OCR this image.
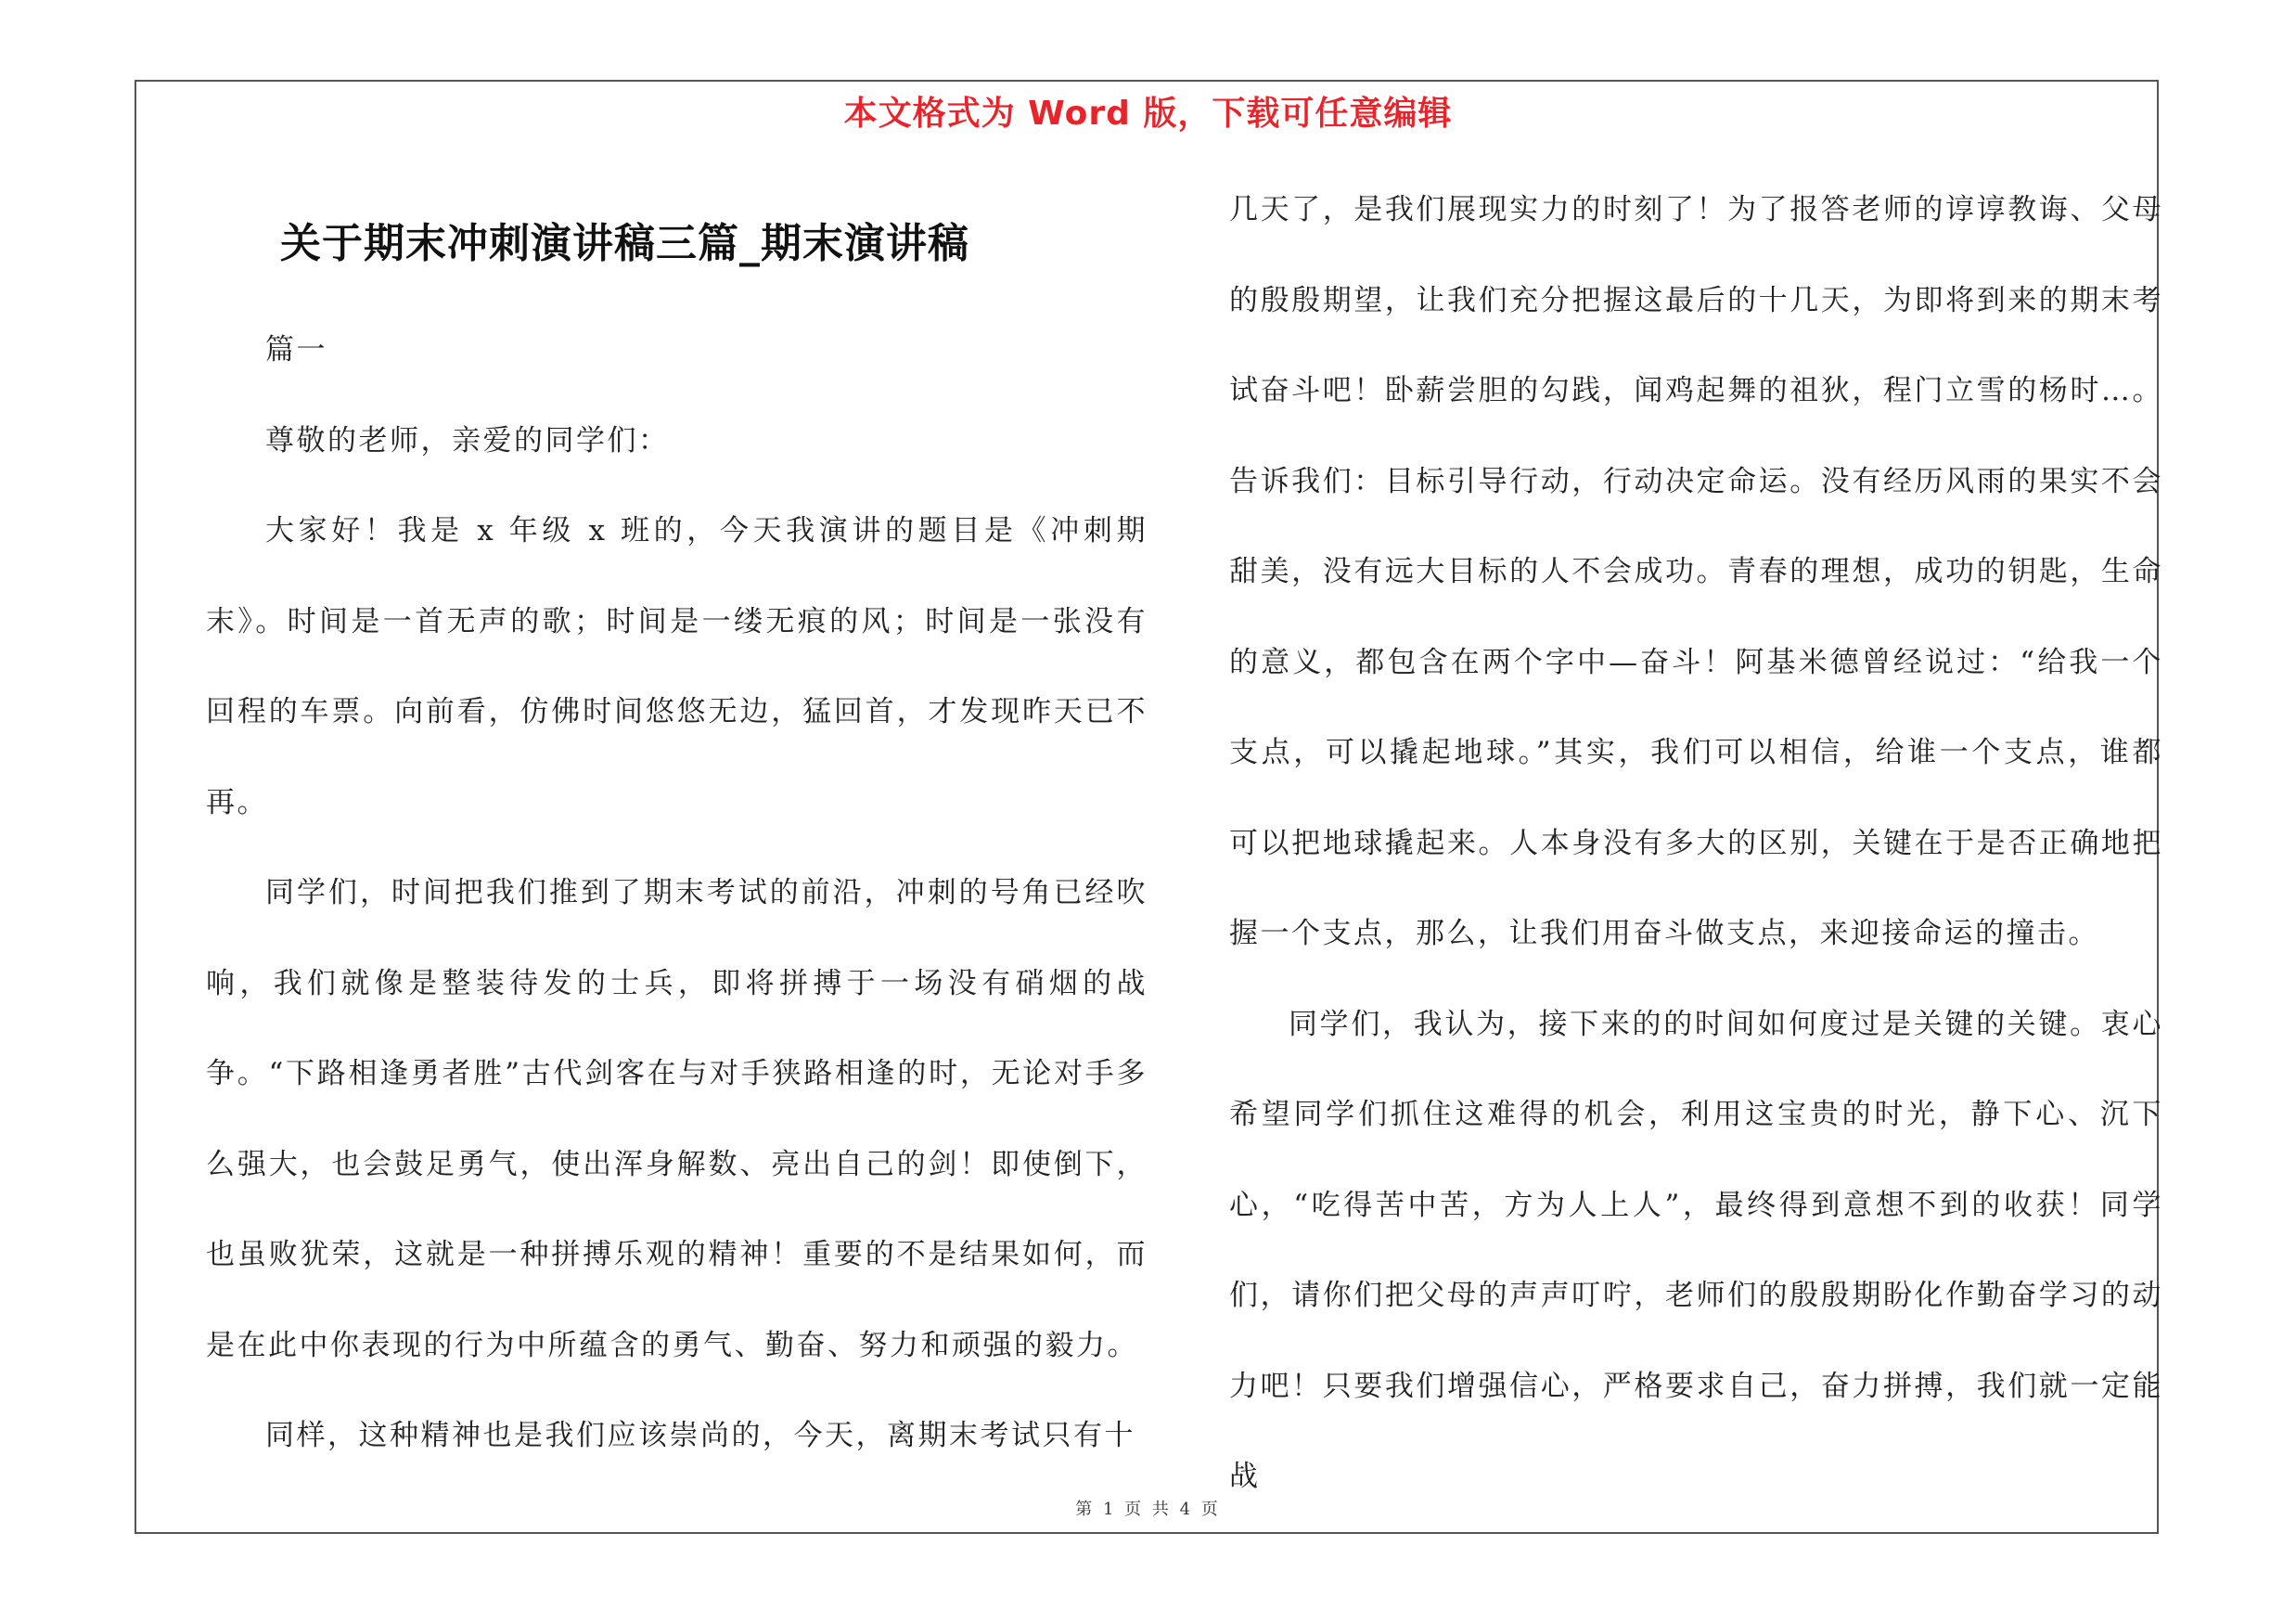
本文格式为 Word 版，下载可任意编辑
关于期末冲刺演讲稿三篇_期末演讲稿

篇一

尊敬的老师，亲爱的同学们：

大家好！我是 x 年级 x 班的，今天我演讲的题目是《冲刺期末》。时间是一首无声的歌；时间是一缕无痕的风；时间是一张没有回程的车票。向前看，仿佛时间悠悠无边，猛回首，才发现昨天已不再。

同学们，时间把我们推到了期末考试的前沿，冲刺的号角已经吹响，我们就像是整装待发的士兵，即将拼搏于一场没有硝烟的战争。“下路相逢勇者胜”古代剑客在与对手狭路相逢的时，无论对手多么强大，也会鼓足勇气，使出浑身解数、亮出自己的剑！即使倒下，也虽败犹荣，这就是一种拼搏乐观的精神！重要的不是结果如何，而是在此中你表现的行为中所蕴含的勇气、勤奋、努力和顽强的毅力。

同样，这种精神也是我们应该崇尚的，今天，离期末考试只有十

几天了，是我们展现实力的时刻了！为了报答老师的谆谆教诲、父母的殷殷期望，让我们充分把握这最后的十几天，为即将到来的期末考试奋斗吧！卧薪尝胆的勾践，闻鸡起舞的祖狄，程门立雪的杨时…。告诉我们：目标引导行动，行动决定命运。没有经历风雨的果实不会甜美，没有远大目标的人不会成功。青春的理想，成功的钥匙，生命的意义，都包含在两个字中—奋斗！阿基米德曾经说过：“给我一个支点，可以撬起地球。”其实，我们可以相信，给谁一个支点，谁都可以把地球撬起来。人本身没有多大的区别，关键在于是否正确地把握一个支点，那么，让我们用奋斗做支点，来迎接命运的撞击。

同学们，我认为，接下来的的时间如何度过是关键的关键。衷心希望同学们抓住这难得的机会，利用这宝贵的时光，静下心、沉下心，“吃得苦中苦，方为人上人”，最终得到意想不到的收获！同学们，请你们把父母的声声叮咛，老师们的殷殷期盼化作勤奋学习的动力吧！只要我们增强信心，严格要求自己，奋力拼搏，我们就一定能战

第 1 页 共 4 页
